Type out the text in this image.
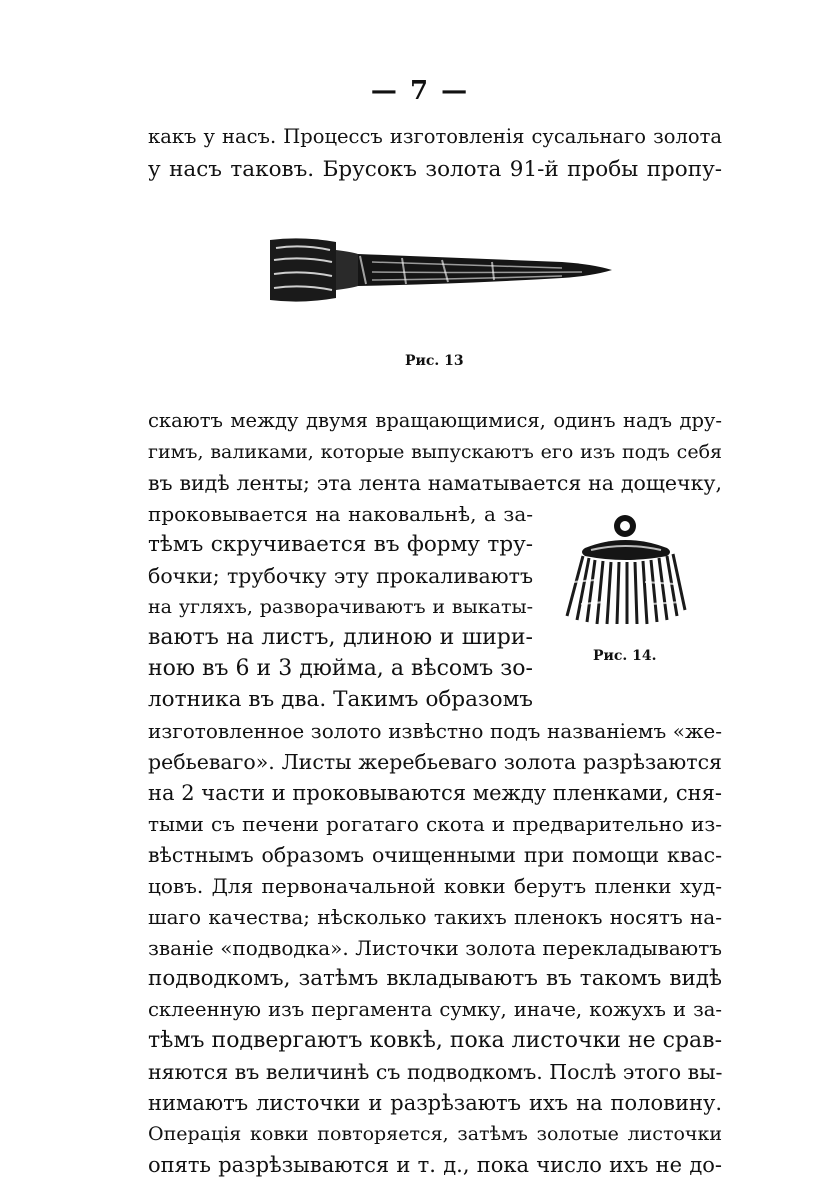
— 7 —
какъ у насъ. Процессъ изготовленія сусальнаго золота
у насъ таковъ. Брусокъ золота 91-й пробы пропу-
Рис. 13
скаютъ между двумя вращающимися, одинъ надъ дру-
гимъ, валиками, которые выпускаютъ его изъ подъ себя
въ видѣ ленты; эта лента наматывается на дощечку,
проковывается на наковальнѣ, а за-
тѣмъ скручивается въ форму тру-
бочки; трубочку эту прокаливаютъ
на угляхъ, разворачиваютъ и выкаты-
ваютъ на листъ, длиною и шири-
ною въ 6 и 3 дюйма, а вѣсомъ зо-
лотника въ два. Такимъ образомъ
Рис. 14.
изготовленное золото извѣстно подъ названіемъ «же-
ребьеваго». Листы жеребьеваго золота разрѣзаются
на 2 части и проковываются между пленками, сня-
тыми съ печени рогатаго скота и предварительно из-
вѣстнымъ образомъ очищенными при помощи квас-
цовъ. Для первоначальной ковки берутъ пленки худ-
шаго качества; нѣсколько такихъ пленокъ носятъ на-
званіе «подводка». Листочки золота перекладываютъ
подводкомъ, затѣмъ вкладываютъ въ такомъ видѣ
склеенную изъ пергамента сумку, иначе, кожухъ и за-
тѣмъ подвергаютъ ковкѣ, пока листочки не срав-
няются въ величинѣ съ подводкомъ. Послѣ этого вы-
нимаютъ листочки и разрѣзаютъ ихъ на половину.
Операція ковки повторяется, затѣмъ золотые листочки
опять разрѣзываются и т. д., пока число ихъ не до-
